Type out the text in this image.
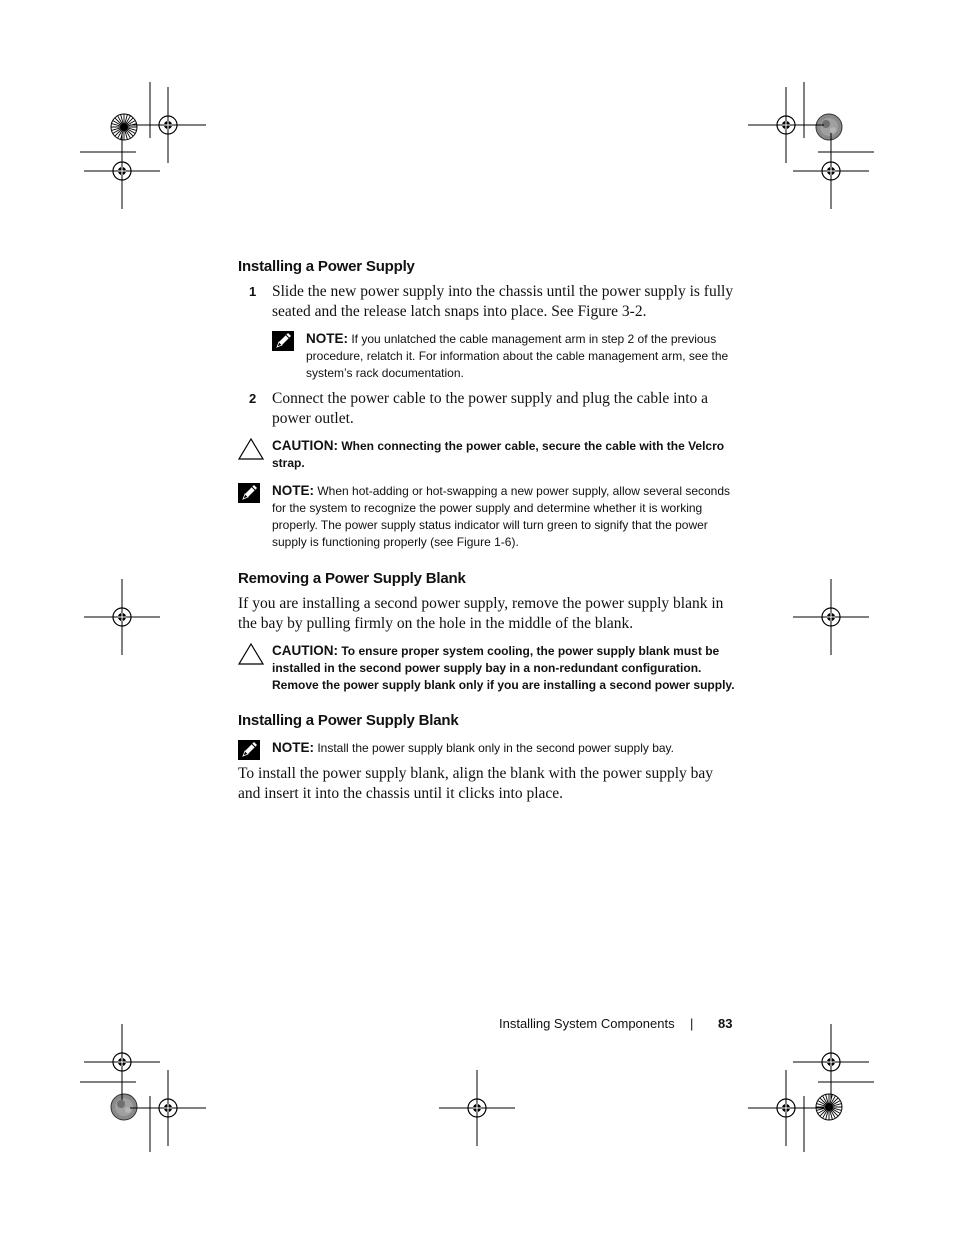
Installing a Power Supply
1 Slide the new power supply into the chassis until the power supply is fully seated and the release latch snaps into place. See Figure 3-2.
NOTE: If you unlatched the cable management arm in step 2 of the previous procedure, relatch it. For information about the cable management arm, see the system’s rack documentation.
2 Connect the power cable to the power supply and plug the cable into a power outlet.
CAUTION: When connecting the power cable, secure the cable with the Velcro strap.
NOTE: When hot-adding or hot-swapping a new power supply, allow several seconds for the system to recognize the power supply and determine whether it is working properly. The power supply status indicator will turn green to signify that the power supply is functioning properly (see Figure 1-6).
Removing a Power Supply Blank

If you are installing a second power supply, remove the power supply blank in the bay by pulling firmly on the hole in the middle of the blank.

CAUTION: To ensure proper system cooling, the power supply blank must be installed in the second power supply bay in a non-redundant configuration. Remove the power supply blank only if you are installing a second power supply.
Installing a Power Supply Blank
NOTE: Install the power supply blank only in the second power supply bay.

To install the power supply blank, align the blank with the power supply bay and insert it into the chassis until it clicks into place.

Installing System Components | 83
